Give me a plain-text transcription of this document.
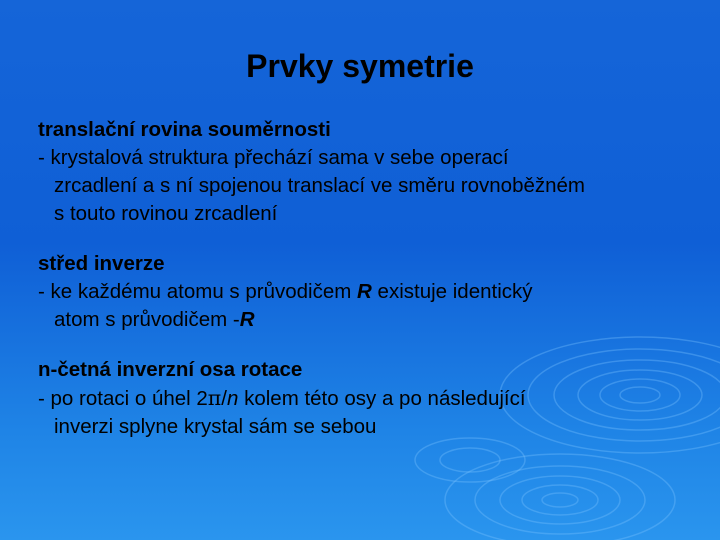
Prvky symetrie
translační rovina souměrnosti
- krystalová struktura přechází sama v sebe operací
zrcadlení a s ní spojenou translací ve směru rovnoběžném
s touto rovinou zrcadlení
střed inverze
- ke každému atomu s průvodičem R existuje identický
atom s průvodičem -R
n-četná inverzní osa rotace
- po rotaci o úhel 2π/n kolem této osy a po následující
inverzi splyne krystal sám se sebou
